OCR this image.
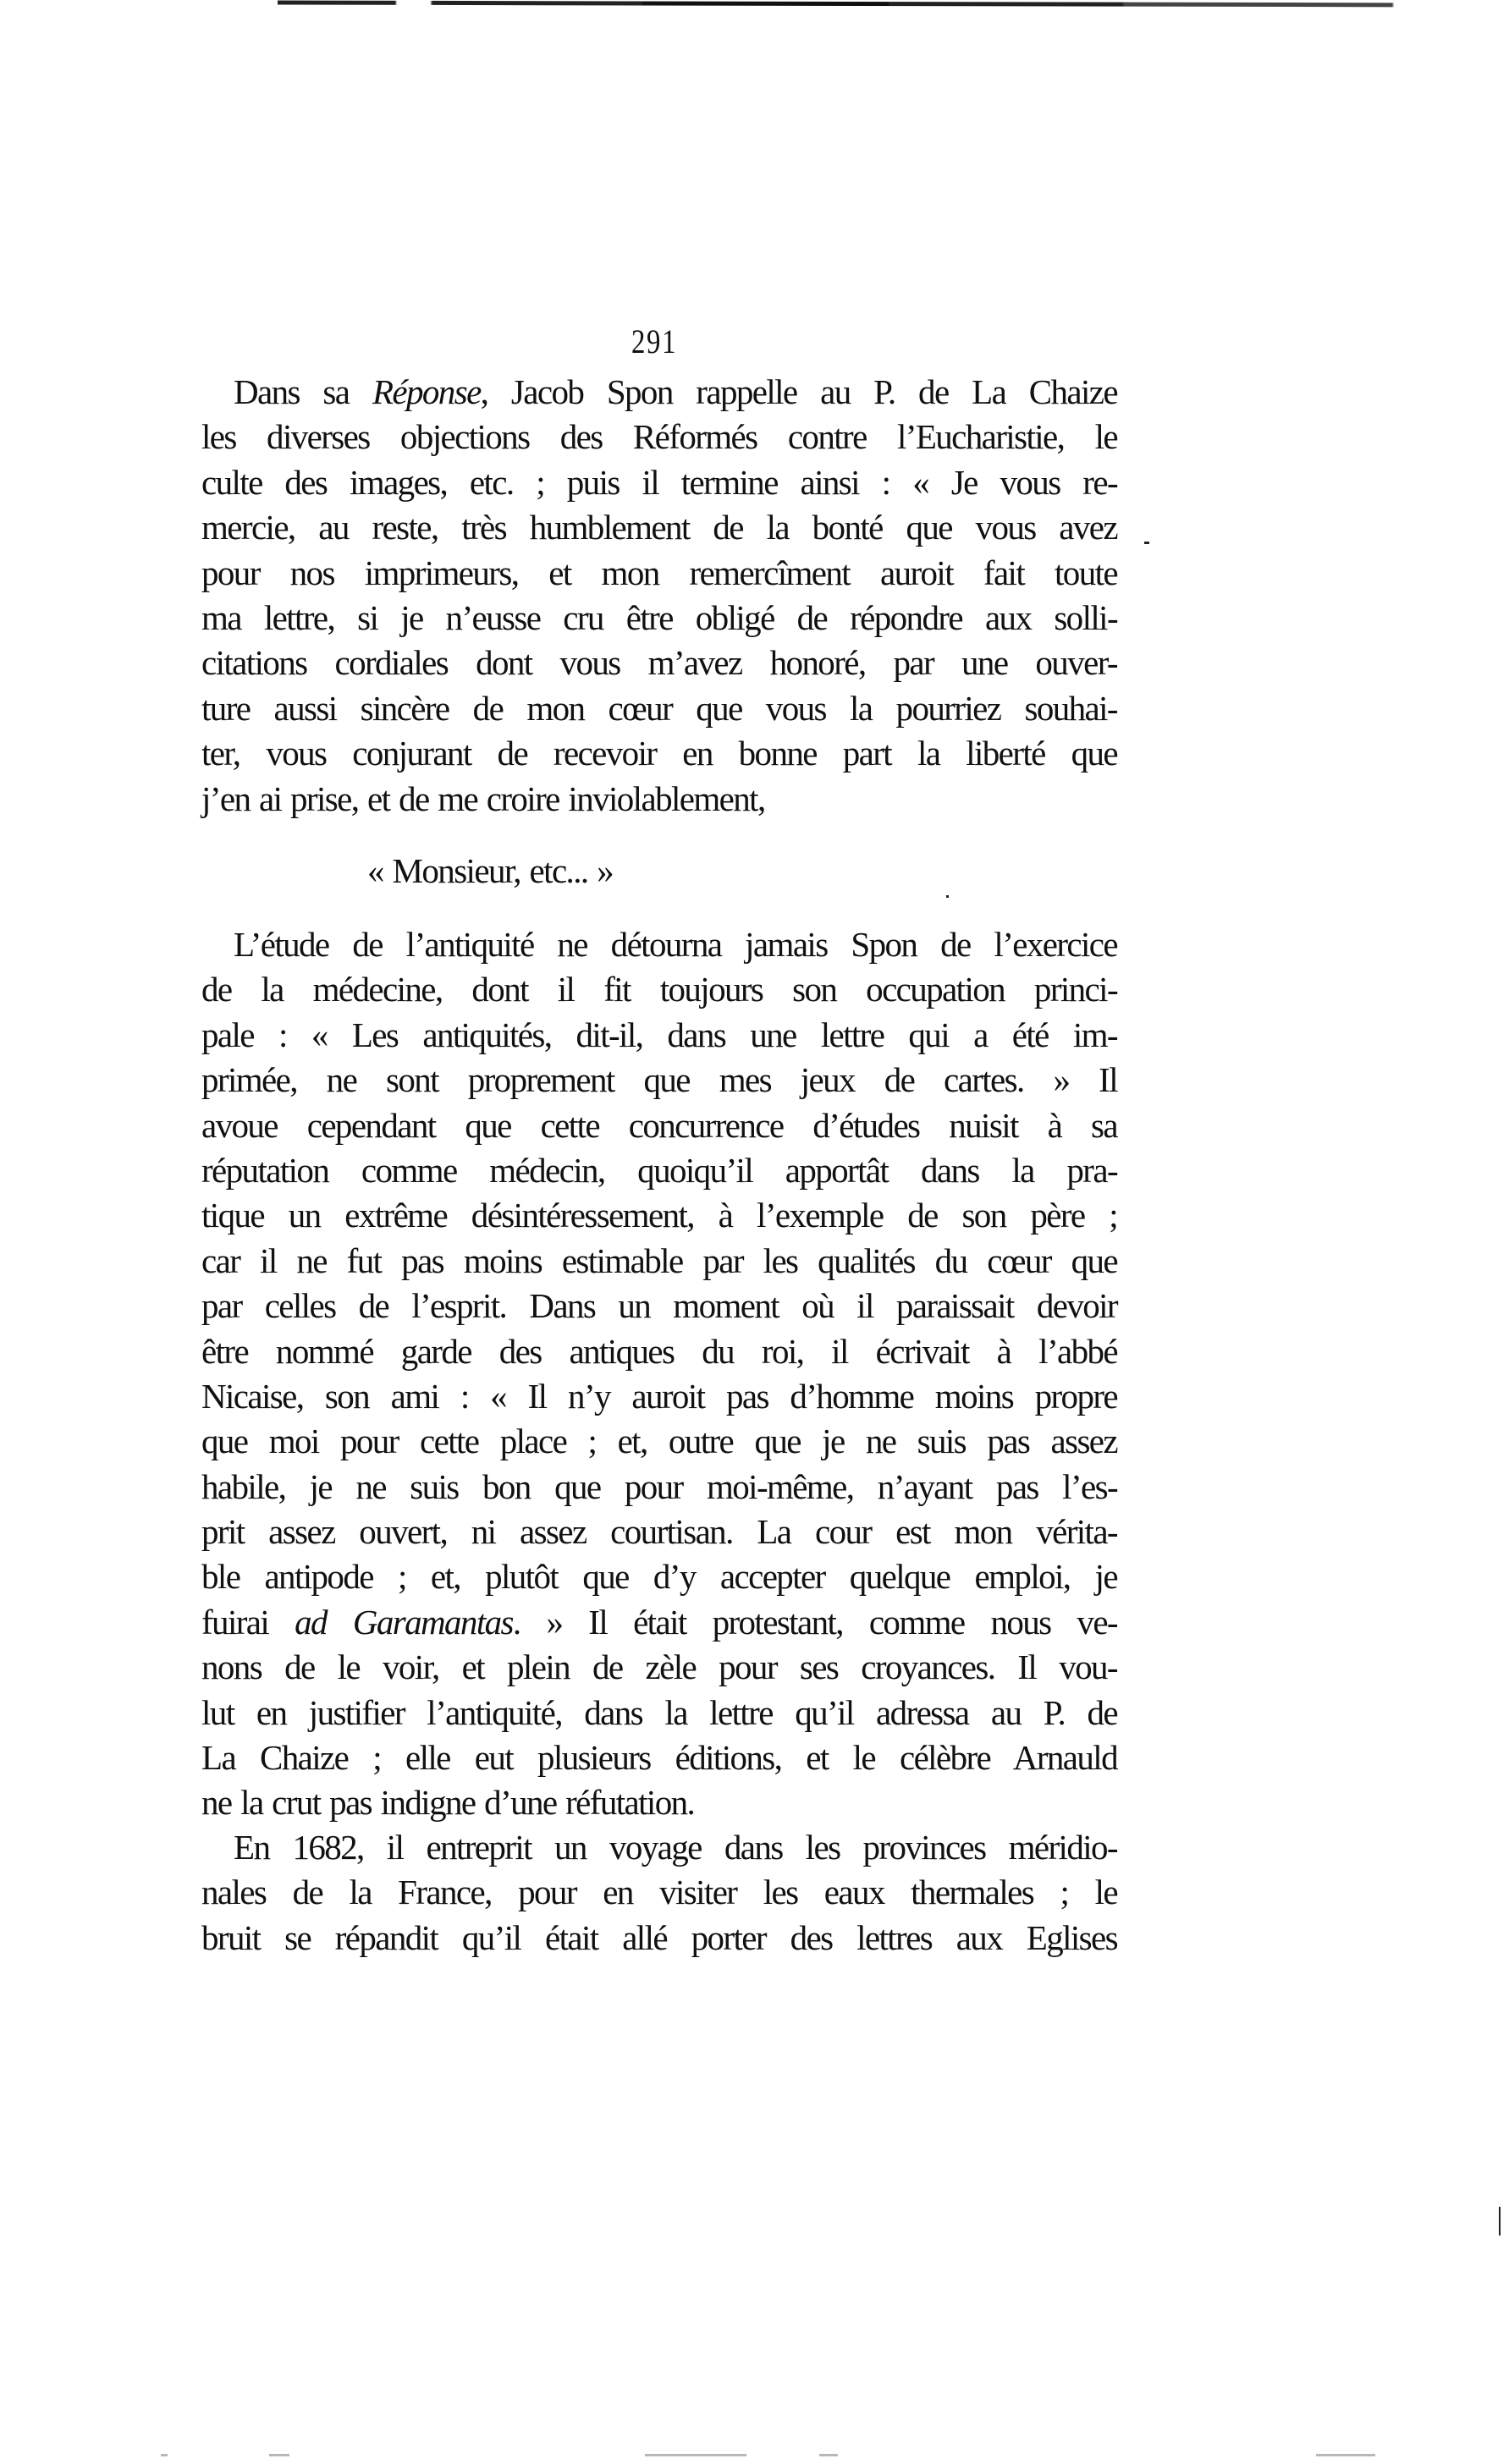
291
Dans sa Réponse, Jacob Spon rappelle au P. de La Chaize
les diverses objections des Réformés contre l’Eucharistie, le
culte des images, etc. ; puis il termine ainsi : « Je vous re-
mercie, au reste, très humblement de la bonté que vous avez
pour nos imprimeurs, et mon remercîment auroit fait toute
ma lettre, si je n’eusse cru être obligé de répondre aux solli-
citations cordiales dont vous m’avez honoré, par une ouver-
ture aussi sincère de mon cœur que vous la pourriez souhai-
ter, vous conjurant de recevoir en bonne part la liberté que
j’en ai prise, et de me croire inviolablement,
« Monsieur, etc... »
L’étude de l’antiquité ne détourna jamais Spon de l’exercice
de la médecine, dont il fit toujours son occupation princi-
pale : « Les antiquités, dit-il, dans une lettre qui a été im-
primée, ne sont proprement que mes jeux de cartes. » Il
avoue cependant que cette concurrence d’études nuisit à sa
réputation comme médecin, quoiqu’il apportât dans la pra-
tique un extrême désintéressement, à l’exemple de son père ;
car il ne fut pas moins estimable par les qualités du cœur que
par celles de l’esprit. Dans un moment où il paraissait devoir
être nommé garde des antiques du roi, il écrivait à l’abbé
Nicaise, son ami : « Il n’y auroit pas d’homme moins propre
que moi pour cette place ; et, outre que je ne suis pas assez
habile, je ne suis bon que pour moi-même, n’ayant pas l’es-
prit assez ouvert, ni assez courtisan. La cour est mon vérita-
ble antipode ; et, plutôt que d’y accepter quelque emploi, je
fuirai ad Garamantas. » Il était protestant, comme nous ve-
nons de le voir, et plein de zèle pour ses croyances. Il vou-
lut en justifier l’antiquité, dans la lettre qu’il adressa au P. de
La Chaize ; elle eut plusieurs éditions, et le célèbre Arnauld
ne la crut pas indigne d’une réfutation.
En 1682, il entreprit un voyage dans les provinces méridio-
nales de la France, pour en visiter les eaux thermales ; le
bruit se répandit qu’il était allé porter des lettres aux Eglises
